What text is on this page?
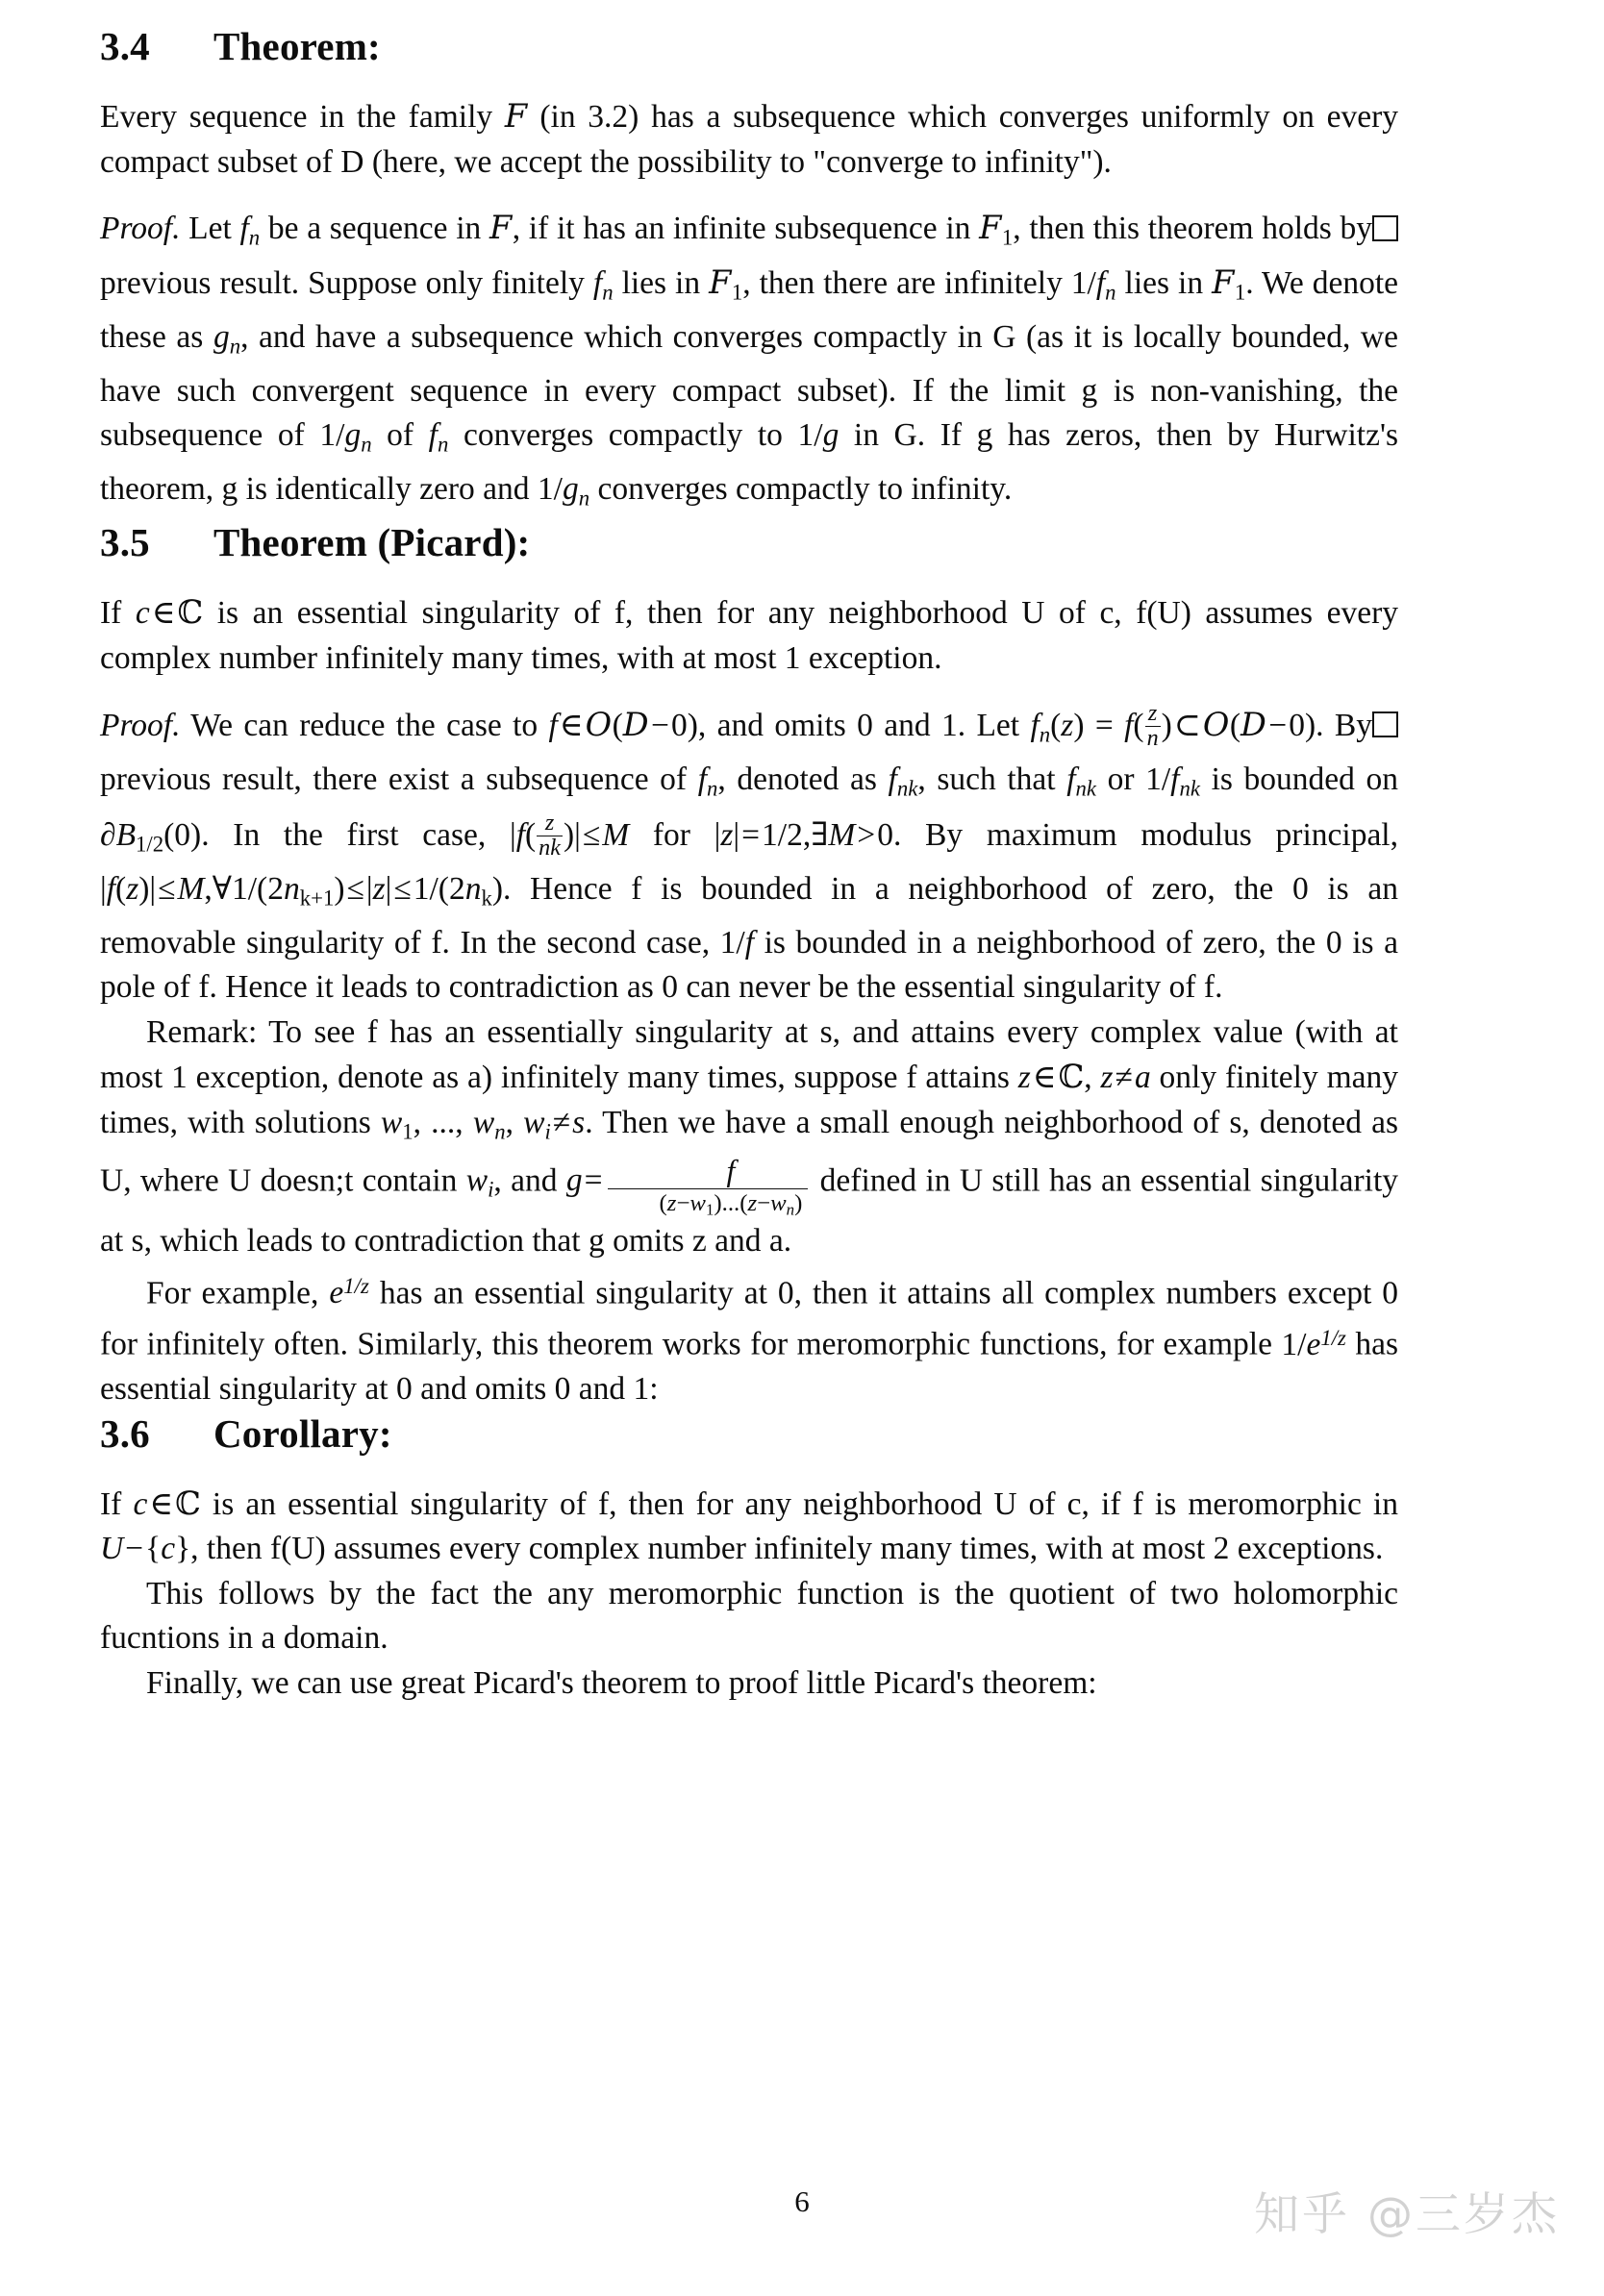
3.4 Theorem:

Every sequence in the family F (in 3.2) has a subsequence which converges uniformly on every compact subset of D (here, we accept the possibility to "converge to infinity").

Proof. Let $f_n$ be a sequence in F, if it has an infinite subsequence in $F_1$, then this theorem holds by previous result. Suppose only finitely $f_n$ lies in $F_1$, then there are infinitely $1/f_n$ lies in $F_1$. We denote these as $g_n$, and have a subsequence which converges compactly in G (as it is locally bounded, we have such convergent sequence in every compact subset). If the limit g is non-vanishing, the subsequence of $1/g_n$ of $f_n$ converges compactly to 1/g in G. If g has zeros, then by Hurwitz's theorem, g is identically zero and $1/g_n$ converges compactly to infinity.

3.5 Theorem (Picard):

If c∈ℂ is an essential singularity of f, then for any neighborhood U of c, f(U) assumes every complex number infinitely many times, with at most 1 exception.

Proof. We can reduce the case to f∈O(D−0), and omits 0 and 1. Let $f_n(z) = f( \frac{z}{n}$ )⊂O(D−0). By previous result, there exist a subsequence of $f_n$, denoted as $f_{nk}$, such that $f_{nk}$ or $1/f_{nk}$ is bounded on $\partial B_{1/2}(0)$. In the first case, $|f( \frac{z}{nk} )|\le M$ for |z|=1/2,∃M>0. By maximum modulus principal, $|f(z)|\le M,\forall 1/(2n_{k+1})\le|z|\le 1/(2n_k)$. Hence f is bounded in a neighborhood of zero, the 0 is an removable singularity of f. In the second case, 1/f is bounded in a neighborhood of zero, the 0 is a pole of f. Hence it leads to contradiction as 0 can never be the essential singularity of f.

Remark: To see f has an essentially singularity at s, and attains every complex value (with at most 1 exception, denote as a) infinitely many times, suppose f attains z∈ℂ, z≠a only finitely many times, with solutions $w_1$, ..., $w_n$, $w_i\ne s$. Then we have a small enough neighborhood of s, denoted as U, where U doesn;t contain $w_i$, and g=	f
$(z-w_1)...(z-w_n)$
defined in U still has an essential singularity at s, which leads to contradiction that g omits z and a.

For example, $e^{1/z}$ has an essential singularity at 0, then it attains all complex numbers except 0 for infinitely often. Similarly, this theorem works for meromorphic functions, for example $1/e^{1/z}$ has essential singularity at 0 and omits 0 and 1:

3.6 Corollary:

If c∈ℂ is an essential singularity of f, then for any neighborhood U of c, if f is meromorphic in U−{c}, then f(U) assumes every complex number infinitely many times, with at most 2 exceptions.

This follows by the fact the any meromorphic function is the quotient of two holomorphic fucntions in a domain.

Finally, we can use great Picard's theorem to proof little Picard's theorem:

6	知乎 @三岁杰
